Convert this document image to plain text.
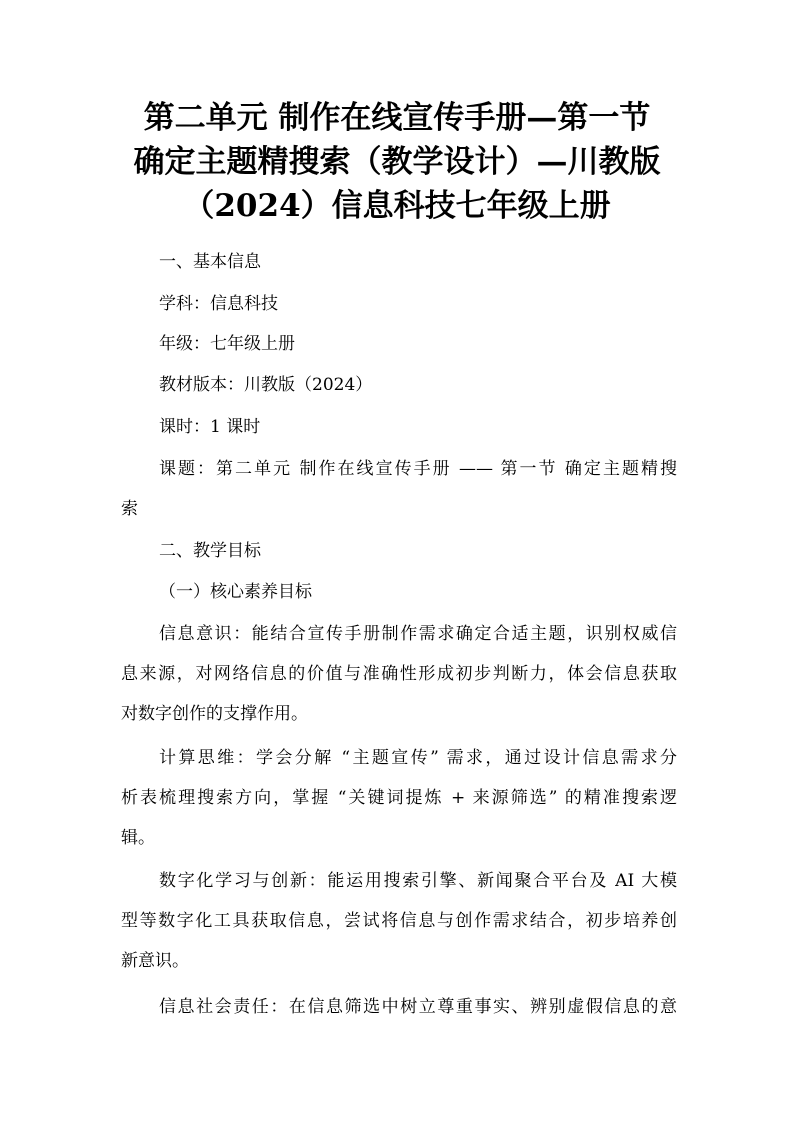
第二单元 制作在线宣传手册—第一节
确定主题精搜索（教学设计）—川教版
（2024）信息科技七年级上册

一、基本信息

学科：信息科技

年级：七年级上册

教材版本：川教版（2024）

课时：1 课时

课题：第二单元 制作在线宣传手册 —— 第一节 确定主题精搜
索

二、教学目标

（一）核心素养目标

信息意识：能结合宣传手册制作需求确定合适主题，识别权威信
息来源，对网络信息的价值与准确性形成初步判断力，体会信息获取
对数字创作的支撑作用。
计算思维：学会分解 “主题宣传” 需求，通过设计信息需求分
析表梳理搜索方向，掌握 “关键词提炼 + 来源筛选” 的精准搜索逻
辑。
数字化学习与创新：能运用搜索引擎、新闻聚合平台及 AI 大模
型等数字化工具获取信息，尝试将信息与创作需求结合，初步培养创
新意识。
信息社会责任：在信息筛选中树立尊重事实、辨别虚假信息的意
